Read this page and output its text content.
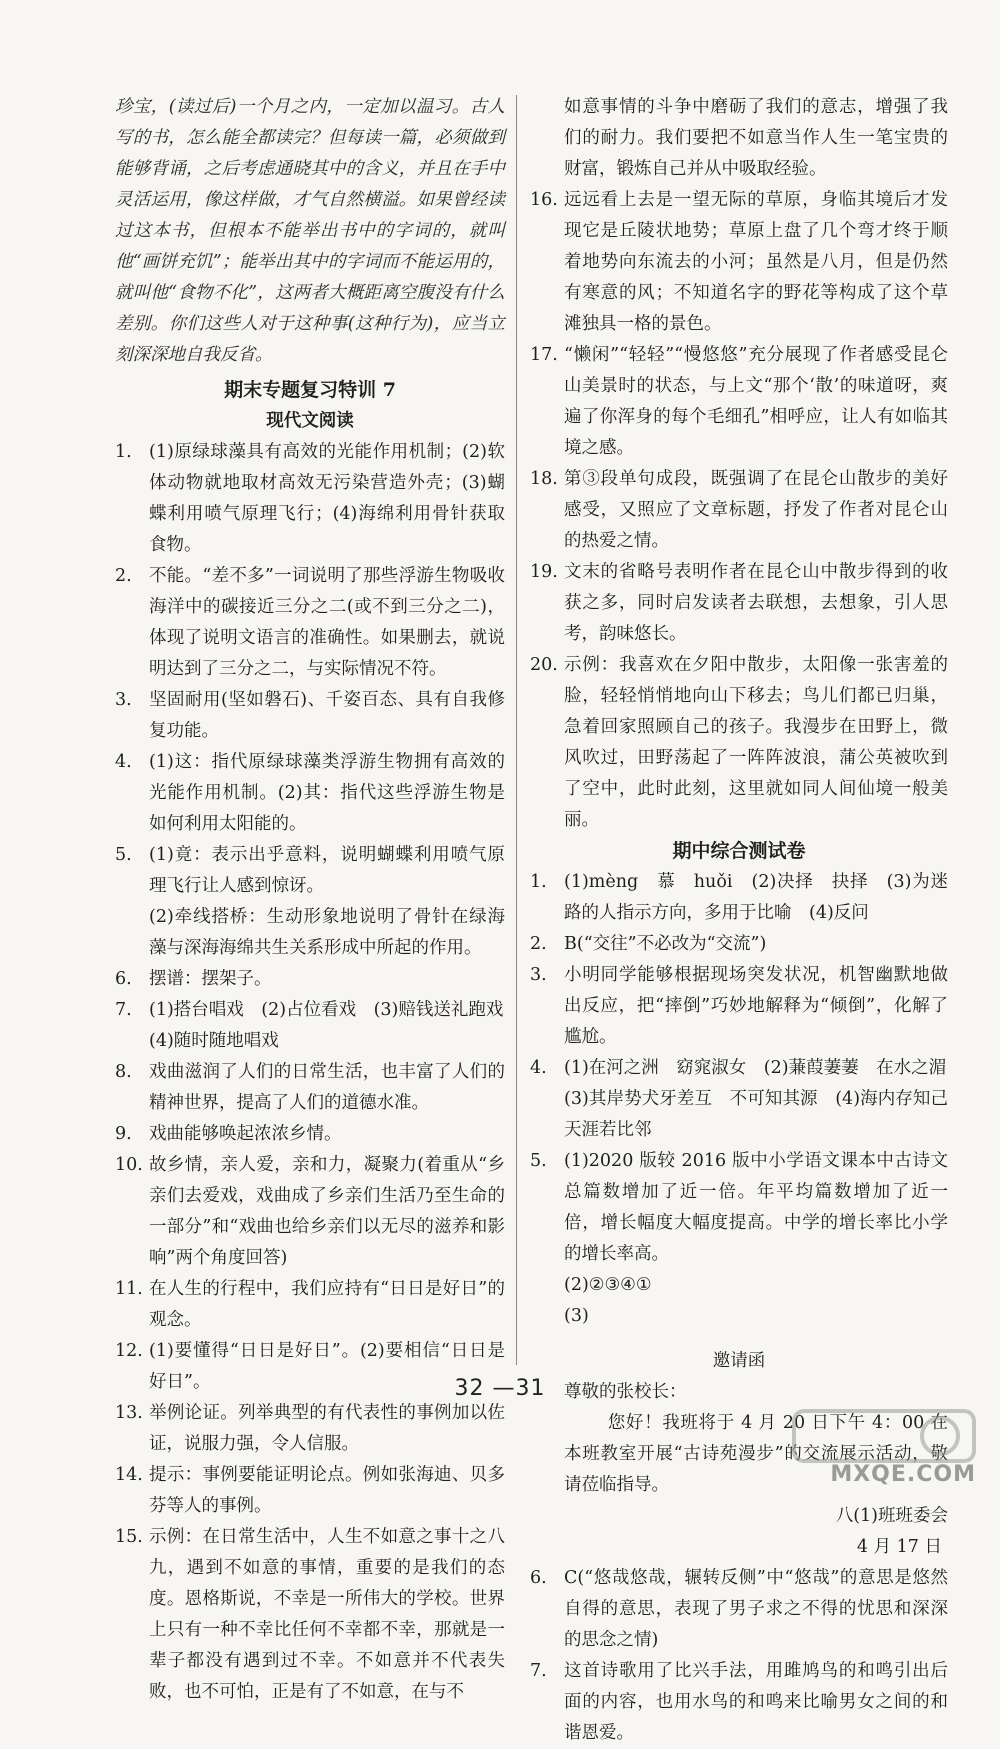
珍宝，(读过后)一个月之内，一定加以温习。古人写的书，怎么能全都读完？但每读一篇，必须做到能够背诵，之后考虑通晓其中的含义，并且在手中灵活运用，像这样做，才气自然横溢。如果曾经读过这本书，但根本不能举出书中的字词的，就叫他“画饼充饥”；能举出其中的字词而不能运用的，就叫他“食物不化”，这两者大概距离空腹没有什么差别。你们这些人对于这种事(这种行为)，应当立刻深深地自我反省。

期末专题复习特训 7

现代文阅读

1. (1)原绿球藻具有高效的光能作用机制；(2)软体动物就地取材高效无污染营造外壳；(3)蝴蝶利用喷气原理飞行；(4)海绵利用骨针获取食物。

2. 不能。“差不多”一词说明了那些浮游生物吸收海洋中的碳接近三分之二(或不到三分之二)，体现了说明文语言的准确性。如果删去，就说明达到了三分之二，与实际情况不符。

3. 坚固耐用(坚如磐石)、千姿百态、具有自我修复功能。

4. (1)这：指代原绿球藻类浮游生物拥有高效的光能作用机制。(2)其：指代这些浮游生物是如何利用太阳能的。

5. (1)竟：表示出乎意料，说明蝴蝶利用喷气原理飞行让人感到惊讶。

(2)牵线搭桥：生动形象地说明了骨针在绿海藻与深海海绵共生关系形成中所起的作用。

6. 摆谱：摆架子。

7. (1)搭台唱戏　(2)占位看戏　(3)赔钱送礼跑戏

(4)随时随地唱戏

8. 戏曲滋润了人们的日常生活，也丰富了人们的精神世界，提高了人们的道德水准。

9. 戏曲能够唤起浓浓乡情。

10. 故乡情，亲人爱，亲和力，凝聚力(着重从“乡亲们去爱戏，戏曲成了乡亲们生活乃至生命的一部分”和“戏曲也给乡亲们以无尽的滋养和影响”两个角度回答)

11. 在人生的行程中，我们应持有“日日是好日”的观念。

12. (1)要懂得“日日是好日”。(2)要相信“日日是好日”。

13. 举例论证。列举典型的有代表性的事例加以佐证，说服力强，令人信服。

14. 提示：事例要能证明论点。例如张海迪、贝多芬等人的事例。

15. 示例：在日常生活中，人生不如意之事十之八九，遇到不如意的事情，重要的是我们的态度。恩格斯说，不幸是一所伟大的学校。世界上只有一种不幸比任何不幸都不幸，那就是一辈子都没有遇到过不幸。不如意并不代表失败，也不可怕，正是有了不如意，在与不

如意事情的斗争中磨砺了我们的意志，增强了我们的耐力。我们要把不如意当作人生一笔宝贵的财富，锻炼自己并从中吸取经验。

16. 远远看上去是一望无际的草原，身临其境后才发现它是丘陵状地势；草原上盘了几个弯才终于顺着地势向东流去的小河；虽然是八月，但是仍然有寒意的风；不知道名字的野花等构成了这个草滩独具一格的景色。

17. “懒闲”“轻轻”“慢悠悠”充分展现了作者感受昆仑山美景时的状态，与上文“那个‘散’的味道呀，爽遍了你浑身的每个毛细孔”相呼应，让人有如临其境之感。

18. 第③段单句成段，既强调了在昆仑山散步的美好感受，又照应了文章标题，抒发了作者对昆仑山的热爱之情。

19. 文末的省略号表明作者在昆仑山中散步得到的收获之多，同时启发读者去联想，去想象，引人思考，韵味悠长。

20. 示例：我喜欢在夕阳中散步，太阳像一张害羞的脸，轻轻悄悄地向山下移去；鸟儿们都已归巢，急着回家照顾自己的孩子。我漫步在田野上，微风吹过，田野荡起了一阵阵波浪，蒲公英被吹到了空中，此时此刻，这里就如同人间仙境一般美丽。

期中综合测试卷

1. (1)mèng　慕　huǒi　(2)决择　抉择　(3)为迷路的人指示方向，多用于比喻　(4)反问

2. B(“交往”不必改为“交流”)

3. 小明同学能够根据现场突发状况，机智幽默地做出反应，把“摔倒”巧妙地解释为“倾倒”，化解了尴尬。

4. (1)在河之洲　窈窕淑女　(2)蒹葭萋萋　在水之湄

(3)其岸势犬牙差互　不可知其源　(4)海内存知己　天涯若比邻

5. (1)2020 版较 2016 版中小学语文课本中古诗文总篇数增加了近一倍。年平均篇数增加了近一倍，增长幅度大幅度提高。中学的增长率比小学的增长率高。

(2)②③④①

(3)

邀请函

尊敬的张校长：

您好！我班将于 4 月 20 日下午 4：00 在本班教室开展“古诗苑漫步”的交流展示活动，敬请莅临指导。

八(1)班班委会

4 月 17 日

6. C(“悠哉悠哉，辗转反侧”中“悠哉”的意思是悠然自得的意思，表现了男子求之不得的忧思和深深的思念之情)

7. 这首诗歌用了比兴手法，用雎鸠鸟的和鸣引出后面的内容，也用水鸟的和鸣来比喻男女之间的和谐恩爱。

32 —31
MXQE.COM
